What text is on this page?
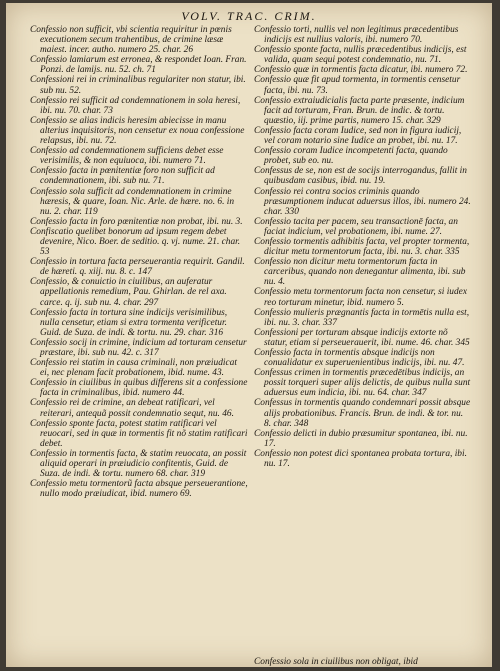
VOLV. TRAC. CRIM.

Confessio non sufficit, vbi scientia requiritur in pœnis executionem secum trahentibus, de crimine læsæ maiest. incer. autho. numero 25. char. 26

Confessio lamiarum est erronea, & respondet Ioan. Fran. Ponzi. de lamijs. nu. 52. ch. 71

Confessioni rei in criminalibus regulariter non statur, ibi. sub nu. 52.

Confessio rei sufficit ad condemnationem in sola heresi, ibi. nu. 70. char. 73

Confessio se alias indicis heresim abiecisse in manu alterius inquisitoris, non censetur ex noua confessione relapsus, ibi. nu. 72.

Confessio ad condemnationem sufficiens debet esse verisimilis, & non equiuoca, ibi. numero 71.

Confessio facta in pœnitentiæ foro non sufficit ad condemnationem, ibi. sub nu. 71.

Confessio sola sufficit ad condemnationem in crimine hæresis, & quare, Ioan. Nic. Arle. de hære. no. 6. in nu. 2. char. 119

Confessio facta in foro pœnitentiæ non probat, ibi. nu. 3.

Confiscatio quelibet bonorum ad ipsum regem debet devenire, Nico. Boer. de seditio. q. vj. nume. 21. char. 53

Confessio in tortura facta perseuerantia requirit. Gandil. de hæreti. q. xiij. nu. 8. c. 147

Confessio, & conuictio in ciuilibus, an auferatur appellationis remedium, Pau. Ghirlan. de rel axa. carce. q. ij. sub nu. 4. char. 297

Confessio facta in tortura sine indicijs verisimilibus, nulla censetur, etiam si extra tormenta verificetur. Guid. de Suza. de indi. & tortu. nu. 29. char. 316

Confessio socij in crimine, indicium ad torturam censetur præstare, ibi. sub nu. 42. c. 317

Confessio rei statim in causa criminali, non præiudicat ei, nec plenam facit probationem, ibid. nume. 43.

Confessio in ciuilibus in quibus differens sit a confessione facta in criminalibus, ibid. numero 44.

Confessio rei de crimine, an debeat ratificari, vel reiterari, antequã possit condemnatio sequt, nu. 46.

Confessio sponte facta, potest statim ratificari vel reuocari, sed in quæ in tormentis fit nõ statim ratificari debet.

Confessio in tormentis facta, & statim reuocata, an possit aliquid operari in præiudicio confitentis, Guid. de Suza. de indi. & tortu. numero 68. char. 319

Confessio metu tormentorũ facta absque perseuerantione, nullo modo præiudicat, ibid. numero 69.

Confessio torti, nullis vel non legitimus præcedentibus indicijs est nullius valoris, ibi. numero 70.

Confessio sponte facta, nullis præcedentibus indicijs, est valida, quam sequi potest condemnatio, nu. 71.

Confessio quæ in tormentis facta dicatur, ibi. numero 72.

Confessio quæ fit apud tormenta, in tormentis censetur facta, ibi. nu. 73.

Confessio extraiudicialis facta parte præsente, indicium facit ad torturam, Fran. Brun. de indic. & tortu. quæstio, iij. prime partis, numero 15. char. 329

Confessio facta coram Iudice, sed non in figura iudicij, vel coram notario sine Iudice an probet, ibi. nu. 17.

Confessio coram Iudice incompetenti facta, quando probet, sub eo. nu.

Confessus de se, non est de socijs interrogandus, fallit in quibusdam casibus, ibid. nu. 19.

Confessio rei contra socios criminis quando præsumptionem inducat aduersus illos, ibi. numero 24. char. 330

Confessio tacita per pacem, seu transactionē facta, an faciat indicium, vel probationem, ibi. nume. 27.

Confessio tormentis adhibitis facta, vel propter tormenta, dicitur metu tormentorum facta, ibi. nu. 3. char. 335

Confessio non dicitur metu tormentorum facta in carceribus, quando non denegantur alimenta, ibi. sub nu. 4.

Confessio metu tormentorum facta non censetur, si iudex reo torturam minetur, ibid. numero 5.

Confessio mulieris prægnantis facta in tormētis nulla est, ibi. nu. 3. char. 337

Confessioni per torturam absque indicijs extorte nõ statur, etiam si perseuerauerit, ibi. nume. 46. char. 345

Confessio facta in tormentis absque indicijs non conualidatur ex superuenientibus indicijs, ibi. nu. 47.

Confessus crimen in tormentis præcedētibus indicijs, an possit torqueri super alijs delictis, de quibus nulla sunt aduersus eum indicia, ibi. nu. 64. char. 347

Confessus in tormentis quando condemnari possit absque alijs probationibus. Francis. Brun. de indi. & tor. nu. 8. char. 348

Confessio delicti in dubio præsumitur spontanea, ibi. nu. 17.

Confessio non potest dici spontanea probata tortura, ibi. nu. 17.

Confessio sola in ciuilibus non obligat, ibid
